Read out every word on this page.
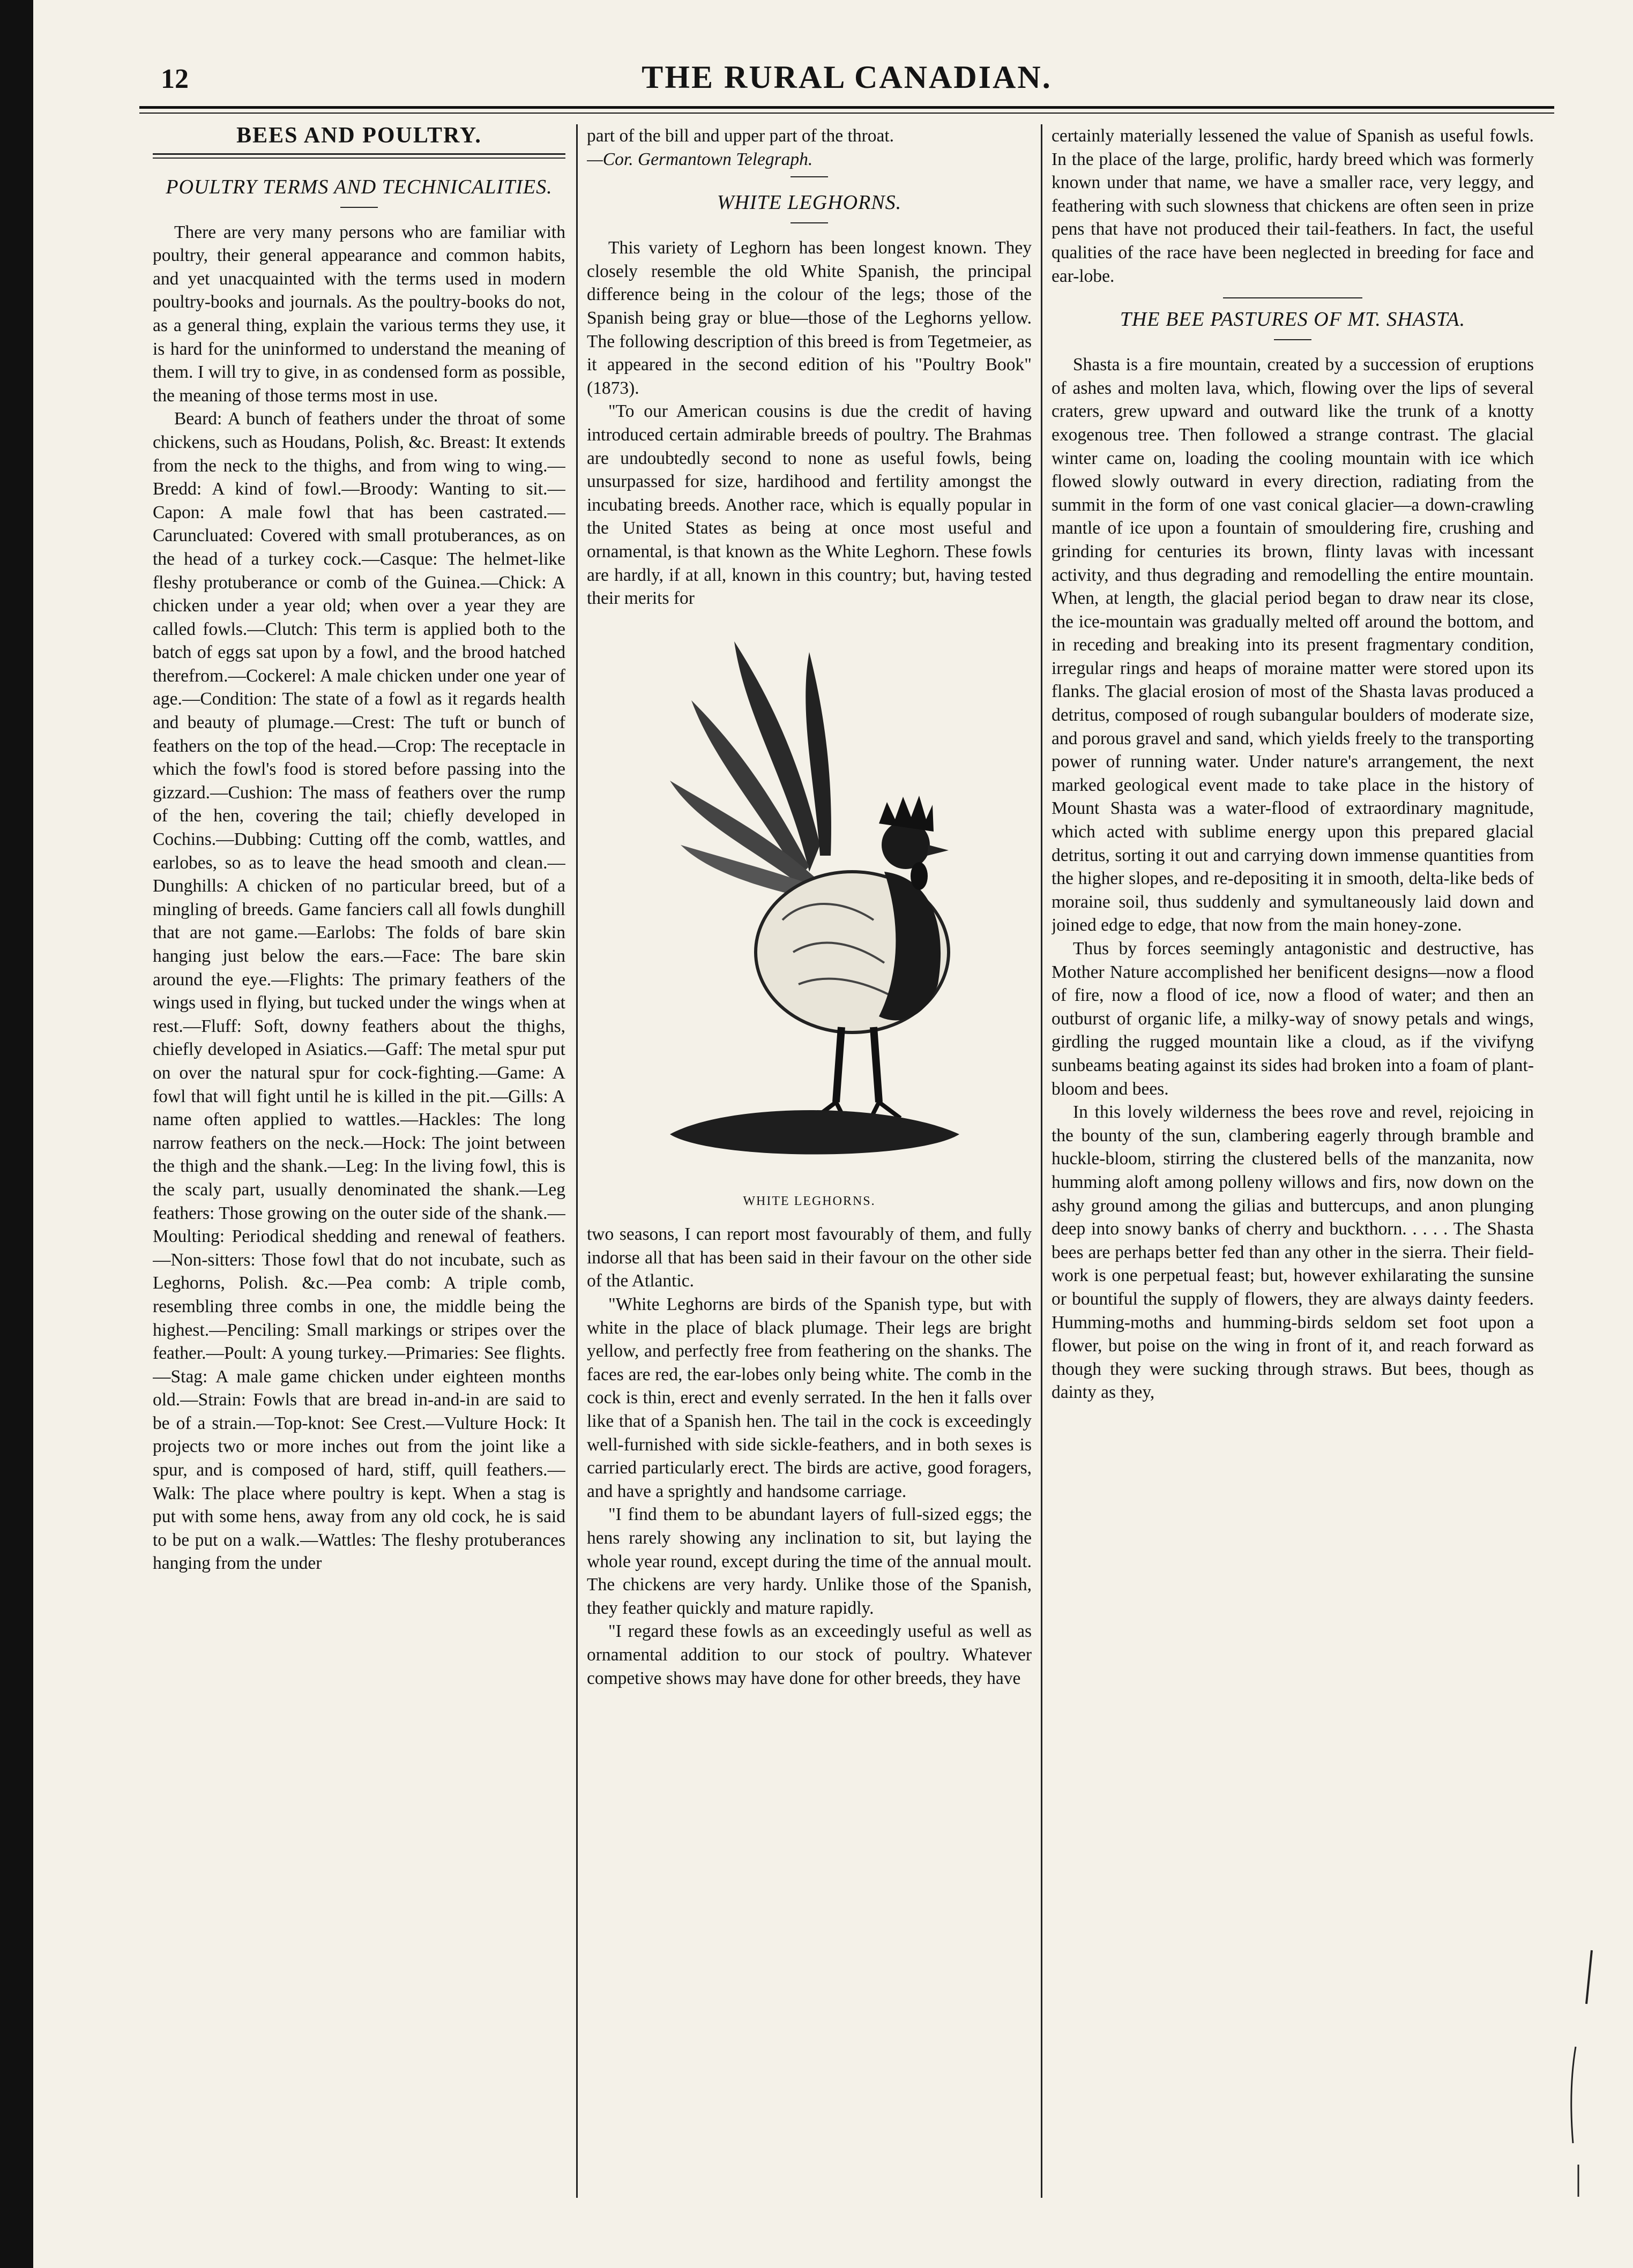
12	THE RURAL CANADIAN.
BEES AND POULTRY.
POULTRY TERMS AND TECHNICALITIES.

There are very many persons who are familiar with poultry, their general appearance and common habits, and yet unacquainted with the terms used in modern poultry-books and journals. As the poultry-books do not, as a general thing, explain the various terms they use, it is hard for the uninformed to understand the meaning of them. I will try to give, in as condensed form as possible, the meaning of those terms most in use.

Beard: A bunch of feathers under the throat of some chickens, such as Houdans, Polish, &c. Breast: It extends from the neck to the thighs, and from wing to wing.—Bredd: A kind of fowl.—Broody: Wanting to sit.—Capon: A male fowl that has been castrated.—Caruncluated: Covered with small protuberances, as on the head of a turkey cock.—Casque: The helmet-like fleshy protuberance or comb of the Guinea.—Chick: A chicken under a year old; when over a year they are called fowls.—Clutch: This term is applied both to the batch of eggs sat upon by a fowl, and the brood hatched therefrom.—Cockerel: A male chicken under one year of age.—Condition: The state of a fowl as it regards health and beauty of plumage.—Crest: The tuft or bunch of feathers on the top of the head.—Crop: The receptacle in which the fowl's food is stored before passing into the gizzard.—Cushion: The mass of feathers over the rump of the hen, covering the tail; chiefly developed in Cochins.—Dubbing: Cutting off the comb, wattles, and earlobes, so as to leave the head smooth and clean.—Dunghills: A chicken of no particular breed, but of a mingling of breeds. Game fanciers call all fowls dunghill that are not game.—Earlobs: The folds of bare skin hanging just below the ears.—Face: The bare skin around the eye.—Flights: The primary feathers of the wings used in flying, but tucked under the wings when at rest.—Fluff: Soft, downy feathers about the thighs, chiefly developed in Asiatics.—Gaff: The metal spur put on over the natural spur for cock-fighting.—Game: A fowl that will fight until he is killed in the pit.—Gills: A name often applied to wattles.—Hackles: The long narrow feathers on the neck.—Hock: The joint between the thigh and the shank.—Leg: In the living fowl, this is the scaly part, usually denominated the shank.—Leg feathers: Those growing on the outer side of the shank.—Moulting: Periodical shedding and renewal of feathers.—Non-sitters: Those fowl that do not incubate, such as Leghorns, Polish. &c.—Pea comb: A triple comb, resembling three combs in one, the middle being the highest.—Penciling: Small markings or stripes over the feather.—Poult: A young turkey.—Primaries: See flights.—Stag: A male game chicken under eighteen months old.—Strain: Fowls that are bread in-and-in are said to be of a strain.—Top-knot: See Crest.—Vulture Hock: It projects two or more inches out from the joint like a spur, and is composed of hard, stiff, quill feathers.—Walk: The place where poultry is kept. When a stag is put with some hens, away from any old cock, he is said to be put on a walk.—Wattles: The fleshy protuberances hanging from the under

part of the bill and upper part of the throat.

—Cor. Germantown Telegraph.

WHITE LEGHORNS.

This variety of Leghorn has been longest known. They closely resemble the old White Spanish, the principal difference being in the colour of the legs; those of the Spanish being gray or blue—those of the Leghorns yellow. The following description of this breed is from Tegetmeier, as it appeared in the second edition of his "Poultry Book" (1873).

"To our American cousins is due the credit of having introduced certain admirable breeds of poultry. The Brahmas are undoubtedly second to none as useful fowls, being unsurpassed for size, hardihood and fertility amongst the incubating breeds. Another race, which is equally popular in the United States as being at once most useful and ornamental, is that known as the White Leghorn. These fowls are hardly, if at all, known in this country; but, having tested their merits for

WHITE LEGHORNS.

two seasons, I can report most favourably of them, and fully indorse all that has been said in their favour on the other side of the Atlantic.

"White Leghorns are birds of the Spanish type, but with white in the place of black plumage. Their legs are bright yellow, and perfectly free from feathering on the shanks. The faces are red, the ear-lobes only being white. The comb in the cock is thin, erect and evenly serrated. In the hen it falls over like that of a Spanish hen. The tail in the cock is exceedingly well-furnished with side sickle-feathers, and in both sexes is carried particularly erect. The birds are active, good foragers, and have a sprightly and handsome carriage.

"I find them to be abundant layers of full-sized eggs; the hens rarely showing any inclination to sit, but laying the whole year round, except during the time of the annual moult. The chickens are very hardy. Unlike those of the Spanish, they feather quickly and mature rapidly.

"I regard these fowls as an exceedingly useful as well as ornamental addition to our stock of poultry. Whatever competive shows may have done for other breeds, they have

certainly materially lessened the value of Spanish as useful fowls. In the place of the large, prolific, hardy breed which was formerly known under that name, we have a smaller race, very leggy, and feathering with such slowness that chickens are often seen in prize pens that have not produced their tail-feathers. In fact, the useful qualities of the race have been neglected in breeding for face and ear-lobe.

THE BEE PASTURES OF MT. SHASTA.

Shasta is a fire mountain, created by a succession of eruptions of ashes and molten lava, which, flowing over the lips of several craters, grew upward and outward like the trunk of a knotty exogenous tree. Then followed a strange contrast. The glacial winter came on, loading the cooling mountain with ice which flowed slowly outward in every direction, radiating from the summit in the form of one vast conical glacier—a down-crawling mantle of ice upon a fountain of smouldering fire, crushing and grinding for centuries its brown, flinty lavas with incessant activity, and thus degrading and remodelling the entire mountain. When, at length, the glacial period began to draw near its close, the ice-mountain was gradually melted off around the bottom, and in receding and breaking into its present fragmentary condition, irregular rings and heaps of moraine matter were stored upon its flanks. The glacial erosion of most of the Shasta lavas produced a detritus, composed of rough subangular boulders of moderate size, and porous gravel and sand, which yields freely to the transporting power of running water. Under nature's arrangement, the next marked geological event made to take place in the history of Mount Shasta was a water-flood of extraordinary magnitude, which acted with sublime energy upon this prepared glacial detritus, sorting it out and carrying down immense quantities from the higher slopes, and re-depositing it in smooth, delta-like beds of moraine soil, thus suddenly and symultaneously laid down and joined edge to edge, that now from the main honey-zone.

Thus by forces seemingly antagonistic and destructive, has Mother Nature accomplished her benificent designs—now a flood of fire, now a flood of ice, now a flood of water; and then an outburst of organic life, a milky-way of snowy petals and wings, girdling the rugged mountain like a cloud, as if the vivifyng sunbeams beating against its sides had broken into a foam of plant-bloom and bees.

In this lovely wilderness the bees rove and revel, rejoicing in the bounty of the sun, clambering eagerly through bramble and huckle-bloom, stirring the clustered bells of the manzanita, now humming aloft among polleny willows and firs, now down on the ashy ground among the gilias and buttercups, and anon plunging deep into snowy banks of cherry and buckthorn. . . . . The Shasta bees are perhaps better fed than any other in the sierra. Their field-work is one perpetual feast; but, however exhilarating the sunsine or bountiful the supply of flowers, they are always dainty feeders. Humming-moths and humming-birds seldom set foot upon a flower, but poise on the wing in front of it, and reach forward as though they were sucking through straws. But bees, though as dainty as they,
